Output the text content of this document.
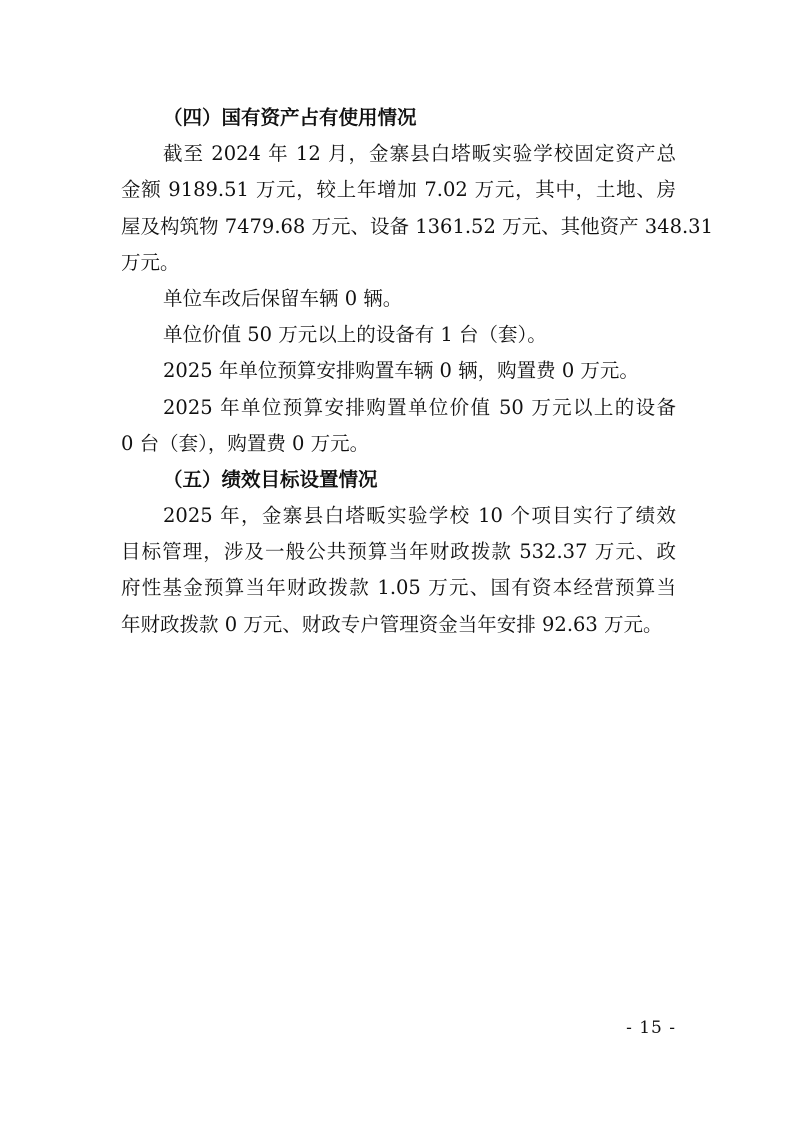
（四）国有资产占有使用情况
截至 2024 年 12 月，金寨县白塔畈实验学校固定资产总
金额 9189.51 万元，较上年增加 7.02 万元，其中，土地、房
屋及构筑物 7479.68 万元、设备 1361.52 万元、其他资产 348.31
万元。
单位车改后保留车辆 0 辆。
单位价值 50 万元以上的设备有 1 台（套）。
2025 年单位预算安排购置车辆 0 辆，购置费 0 万元。
2025 年单位预算安排购置单位价值 50 万元以上的设备
0 台（套），购置费 0 万元。
（五）绩效目标设置情况
2025 年，金寨县白塔畈实验学校 10 个项目实行了绩效
目标管理，涉及一般公共预算当年财政拨款 532.37 万元、政
府性基金预算当年财政拨款 1.05 万元、国有资本经营预算当
年财政拨款 0 万元、财政专户管理资金当年安排 92.63 万元。
- 15 -
